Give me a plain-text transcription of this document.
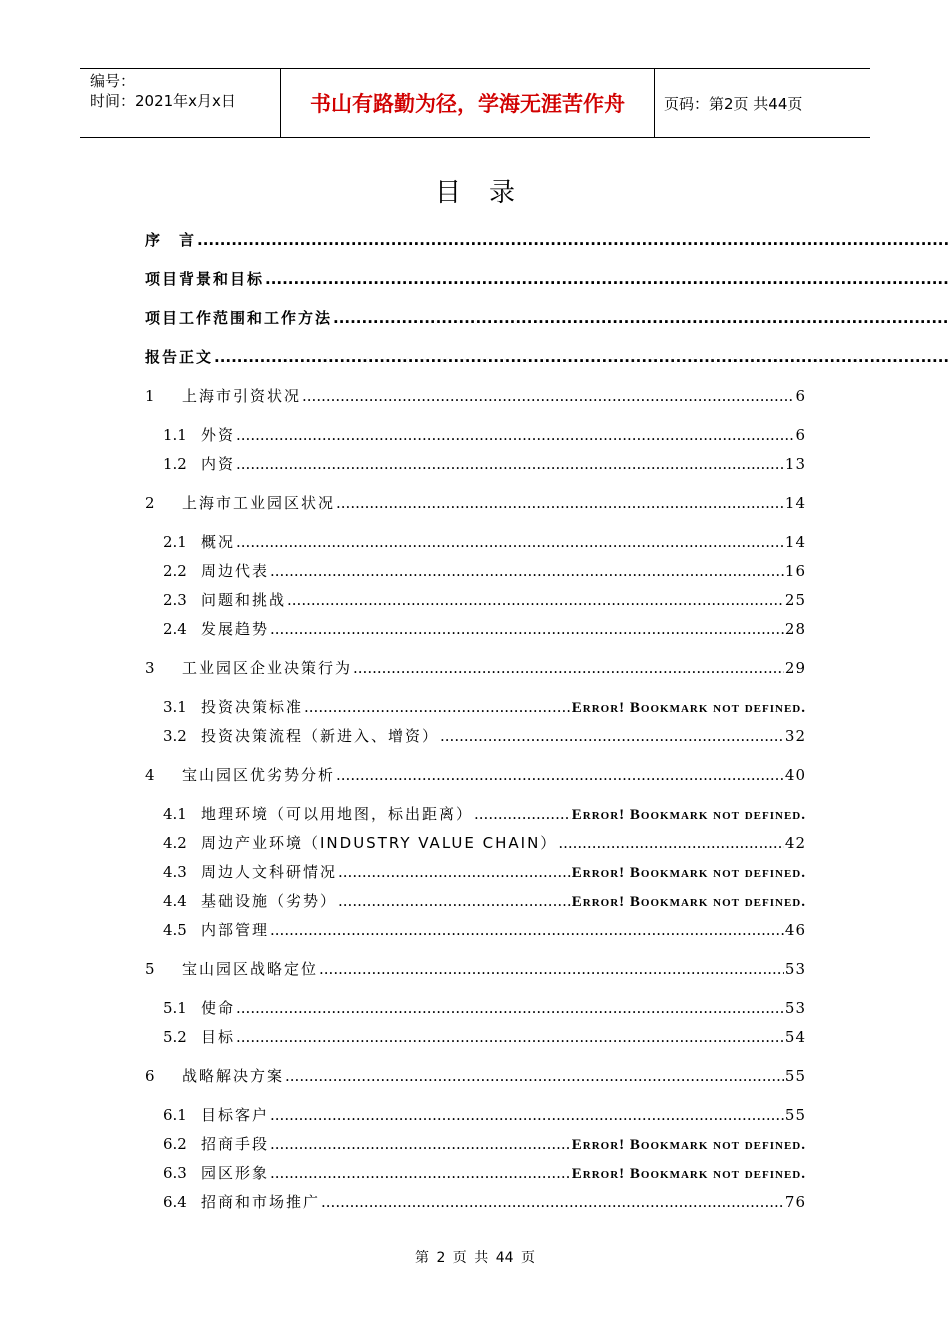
编号：
时间：2021年x月x日	书山有路勤为径，学海无涯苦作舟	页码：第2页 共44页
目录
序　言
.....
项目背景和目标
.....
项目工作范围和工作方法
.....
报告正文
.....
1	上海市引资状况 .....	6
1.1 外资 .....	6
1.2 内资 .....	13
2	上海市工业园区状况 .....	14
2.1 概况 .....	14
2.2 周边代表 .....	16
2.3 问题和挑战 .....	25
2.4 发展趋势 .....	28
3	工业园区企业决策行为 .....	29
3.1 投资决策标准 .....	Error! Bookmark not defined.
3.2 投资决策流程（新进入、增资） .....	32
4	宝山园区优劣势分析 .....	40
4.1 地理环境（可以用地图，标出距离） .....	Error! Bookmark not defined.
4.2 周边产业环境（INDUSTRY VALUE CHAIN） .....	42
4.3 周边人文科研情况 .....	Error! Bookmark not defined.
4.4 基础设施（劣势） .....	Error! Bookmark not defined.
4.5 内部管理 .....	46
5	宝山园区战略定位 .....	53
5.1 使命 .....	53
5.2 目标 .....	54
6	战略解决方案 .....	55
6.1 目标客户 .....	55
6.2 招商手段 .....	Error! Bookmark not defined.
6.3 园区形象 .....	Error! Bookmark not defined.
6.4 招商和市场推广 .....	76
第 2 页 共 44 页
